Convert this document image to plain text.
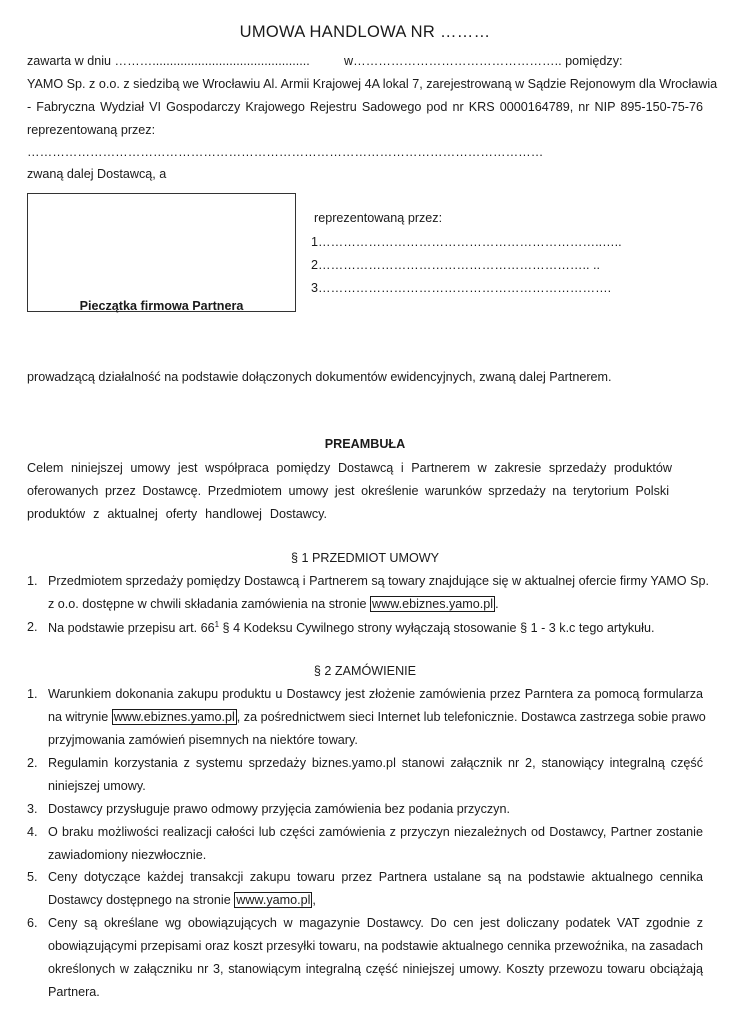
UMOWA HANDLOWA NR ………
zawarta w dniu ……….............................................	w………………………………………….. pomiędzy:
YAMO Sp. z o.o. z siedzibą we Wrocławiu Al. Armii Krajowej 4A lokal 7, zarejestrowaną w Sądzie Rejonowym dla Wrocławia
- Fabryczna Wydział VI Gospodarczy Krajowego Rejestru Sadowego pod nr KRS 0000164789, nr NIP 895-150-75-76
reprezentowaną przez:
……………………………………………………………………………………………………………
zwaną dalej Dostawcą, a
Pieczątka firmowa Partnera
reprezentowaną przez:
1…………………………………………………………..…..
2……………………………………………………….. ..
3…………………………………………………………….
prowadzącą działalność na podstawie dołączonych dokumentów ewidencyjnych, zwaną dalej Partnerem.
PREAMBUŁA
Celem niniejszej umowy jest współpraca pomiędzy Dostawcą i Partnerem w zakresie sprzedaży produktów
oferowanych przez Dostawcę. Przedmiotem umowy jest określenie warunków sprzedaży na terytorium Polski
produktów z aktualnej oferty handlowej Dostawcy.
§ 1 PRZEDMIOT UMOWY
1. Przedmiotem sprzedaży pomiędzy Dostawcą i Partnerem są towary znajdujące się w aktualnej ofercie firmy YAMO Sp.
z o.o. dostępne w chwili składania zamówienia na stronie www.ebiznes.yamo.pl .
2. Na podstawie przepisu art. $66^1$ § 4 Kodeksu Cywilnego strony wyłączają stosowanie § 1 - 3 k.c tego artykułu.
§ 2 ZAMÓWIENIE
1. Warunkiem dokonania zakupu produktu u Dostawcy jest złożenie zamówienia przez Parntera za pomocą formularza
na witrynie www.ebiznes.yamo.pl , za pośrednictwem sieci Internet lub telefonicznie. Dostawca zastrzega sobie prawo
przyjmowania zamówień pisemnych na niektóre towary.
2. Regulamin korzystania z systemu sprzedaży biznes.yamo.pl stanowi załącznik nr 2, stanowiący integralną część
niniejszej umowy.
3. Dostawcy przysługuje prawo odmowy przyjęcia zamówienia bez podania przyczyn.
4. O braku możliwości realizacji całości lub części zamówienia z przyczyn niezależnych od Dostawcy, Partner zostanie
zawiadomiony niezwłocznie.
5. Ceny dotyczące każdej transakcji zakupu towaru przez Partnera ustalane są na podstawie aktualnego cennika
Dostawcy dostępnego na stronie www.yamo.pl ,
6. Ceny są określane wg obowiązujących w magazynie Dostawcy. Do cen jest doliczany podatek VAT zgodnie z
obowiązującymi przepisami oraz koszt przesyłki towaru, na podstawie aktualnego cennika przewoźnika, na zasadach
określonych w załączniku nr 3, stanowiącym integralną część niniejszej umowy. Koszty przewozu towaru obciążają
Partnera.
